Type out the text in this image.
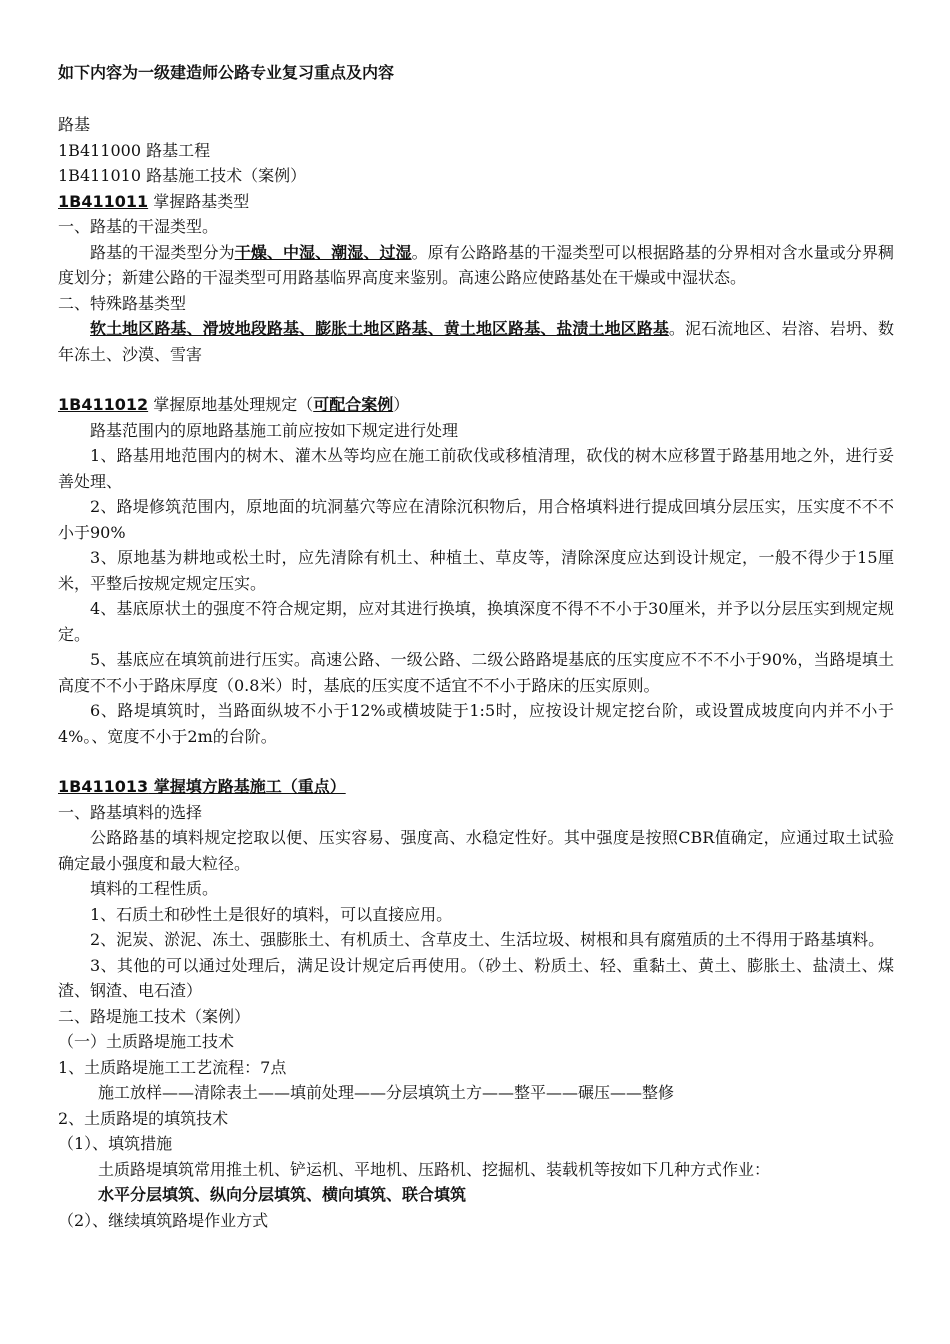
如下内容为一级建造师公路专业复习重点及内容
路基
1B411000 路基工程
1B411010 路基施工技术（案例）
1B411011 掌握路基类型
一、路基的干湿类型。
路基的干湿类型分为干燥、中湿、潮湿、过湿。原有公路路基的干湿类型可以根据路基的分界相对含水量或分界稠度划分；新建公路的干湿类型可用路基临界高度来鉴别。高速公路应使路基处在干燥或中湿状态。
二、特殊路基类型
软土地区路基、滑坡地段路基、膨胀土地区路基、黄土地区路基、盐渍土地区路基。泥石流地区、岩溶、岩坍、数年冻土、沙漠、雪害
1B411012 掌握原地基处理规定（可配合案例）
路基范围内的原地路基施工前应按如下规定进行处理
1、路基用地范围内的树木、灌木丛等均应在施工前砍伐或移植清理，砍伐的树木应移置于路基用地之外，进行妥善处理、
2、路堤修筑范围内，原地面的坑洞墓穴等应在清除沉积物后，用合格填料进行提成回填分层压实，压实度不不不小于90%
3、原地基为耕地或松土时，应先清除有机土、种植土、草皮等，清除深度应达到设计规定，一般不得少于15厘米，平整后按规定规定压实。
4、基底原状土的强度不符合规定期，应对其进行换填，换填深度不得不不小于30厘米，并予以分层压实到规定规定。
5、基底应在填筑前进行压实。高速公路、一级公路、二级公路路堤基底的压实度应不不不小于90%，当路堤填土高度不不小于路床厚度（0.8米）时，基底的压实度不适宜不不小于路床的压实原则。
6、路堤填筑时，当路面纵坡不小于12%或横坡陡于1:5时，应按设计规定挖台阶，或设置成坡度向内并不小于4%。、宽度不小于2m的台阶。
1B411013 掌握填方路基施工（重点）
一、路基填料的选择
公路路基的填料规定挖取以便、压实容易、强度高、水稳定性好。其中强度是按照CBR值确定，应通过取土试验确定最小强度和最大粒径。
填料的工程性质。
1、石质土和砂性土是很好的填料，可以直接应用。
2、泥炭、淤泥、冻土、强膨胀土、有机质土、含草皮土、生活垃圾、树根和具有腐殖质的土不得用于路基填料。
3、其他的可以通过处理后，满足设计规定后再使用。（砂土、粉质土、轻、重黏土、黄土、膨胀土、盐渍土、煤渣、钢渣、电石渣）
二、路堤施工技术（案例）
（一）土质路堤施工技术
1、土质路堤施工工艺流程：7点
施工放样——清除表土——填前处理——分层填筑土方——整平——碾压——整修
2、土质路堤的填筑技术
（1）、填筑措施
土质路堤填筑常用推土机、铲运机、平地机、压路机、挖掘机、装载机等按如下几种方式作业：
水平分层填筑、纵向分层填筑、横向填筑、联合填筑
（2）、继续填筑路堤作业方式
